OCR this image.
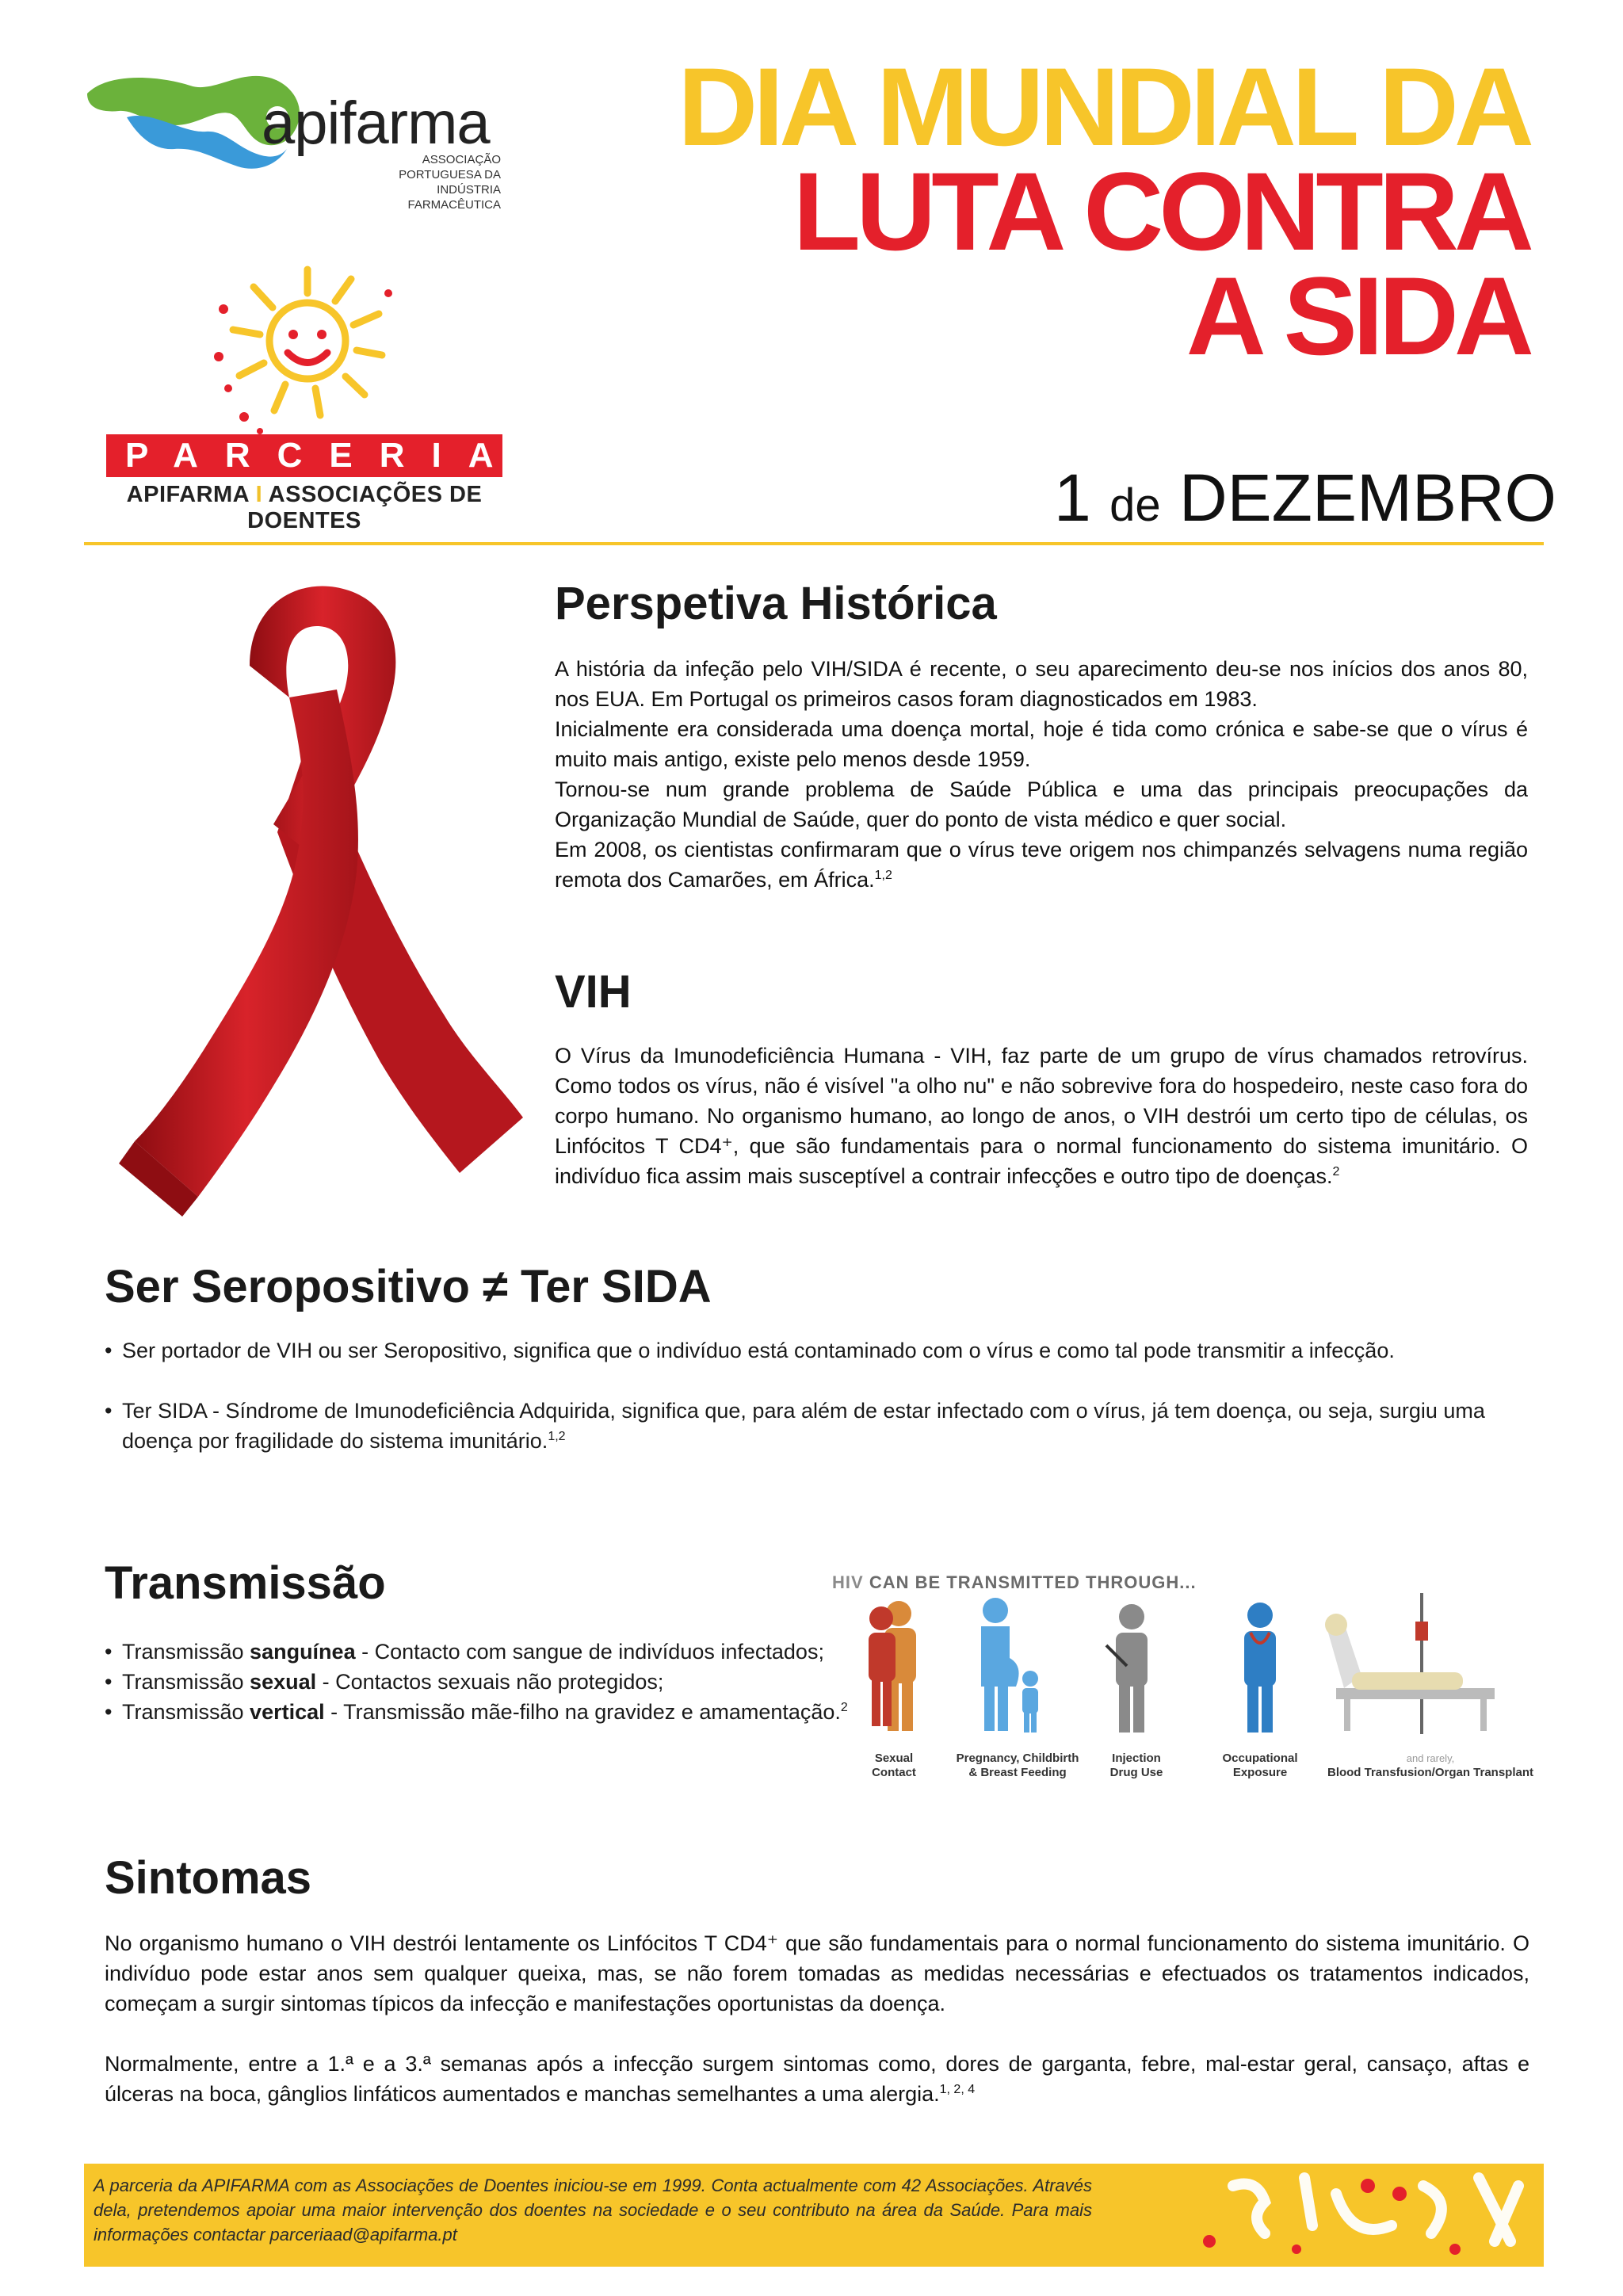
apifarma
ASSOCIAÇÃO PORTUGUESA DA
INDÚSTRIA FARMACÊUTICA
PARCERIA
APIFARMA I ASSOCIAÇÕES DE DOENTES
DIA MUNDIAL DA
LUTA CONTRA
A SIDA
1 de DEZEMBRO
Perspetiva Histórica

A história da infeção pelo VIH/SIDA é recente, o seu aparecimento deu-se nos inícios dos anos 80, nos EUA. Em Portugal os primeiros casos foram diagnosticados em 1983.

Inicialmente era considerada uma doença mortal, hoje é tida como crónica e sabe-se que o vírus é muito mais antigo, existe pelo menos desde 1959.

Tornou-se num grande problema de Saúde Pública e uma das principais preocupações da Organização Mundial de Saúde, quer do ponto de vista médico e quer social.

Em 2008, os cientistas confirmaram que o vírus teve origem nos chimpanzés selvagens numa região remota dos Camarões, em África.$^{1,2}$

VIH
O Vírus da Imunodeficiência Humana - VIH, faz parte de um grupo de vírus chamados retrovírus. Como todos os vírus, não é visível "a olho nu" e não sobrevive fora do hospedeiro, neste caso fora do corpo humano. No organismo humano, ao longo de anos, o VIH destrói um certo tipo de células, os Linfócitos T CD4⁺, que são fundamentais para o normal funcionamento do sistema imunitário. O indivíduo fica assim mais susceptível a contrair infecções e outro tipo de doenças.$^2$
Ser Seropositivo ≠ Ter SIDA
• Ser portador de VIH ou ser Seropositivo, significa que o indivíduo está contaminado com o vírus e como tal pode transmitir a infecção.
• Ter SIDA - Síndrome de Imunodeficiência Adquirida, significa que, para além de estar infectado com o vírus, já tem doença, ou seja, surgiu uma doença por fragilidade do sistema imunitário.$^{1,2}$
Transmissão
• Transmissão sanguínea - Contacto com sangue de indivíduos infectados;
• Transmissão sexual - Contactos sexuais não protegidos;
• Transmissão vertical - Transmissão mãe-filho na gravidez e amamentação.$^2$
HIV CAN BE TRANSMITTED THROUGH...
Sexual
Contact
Pregnancy, Childbirth
& Breast Feeding
Injection
Drug Use
Occupational
Exposure
and rarely,
Blood Transfusion/Organ Transplant
Sintomas

No organismo humano o VIH destrói lentamente os Linfócitos T CD4⁺ que são fundamentais para o normal funcionamento do sistema imunitário. O indivíduo pode estar anos sem qualquer queixa, mas, se não forem tomadas as medidas necessárias e efectuados os tratamentos indicados, começam a surgir sintomas típicos da infecção e manifestações oportunistas da doença.

Normalmente, entre a 1.ª e a 3.ª semanas após a infecção surgem sintomas como, dores de garganta, febre, mal-estar geral, cansaço, aftas e úlceras na boca, gânglios linfáticos aumentados e manchas semelhantes a uma alergia.$^{1, 2, 4}$

A parceria da APIFARMA com as Associações de Doentes iniciou-se em 1999. Conta actualmente com 42 Associações. Através dela, pretendemos apoiar uma maior intervenção dos doentes na sociedade e o seu contributo na área da Saúde. Para mais informações contactar parceriaad@apifarma.pt
